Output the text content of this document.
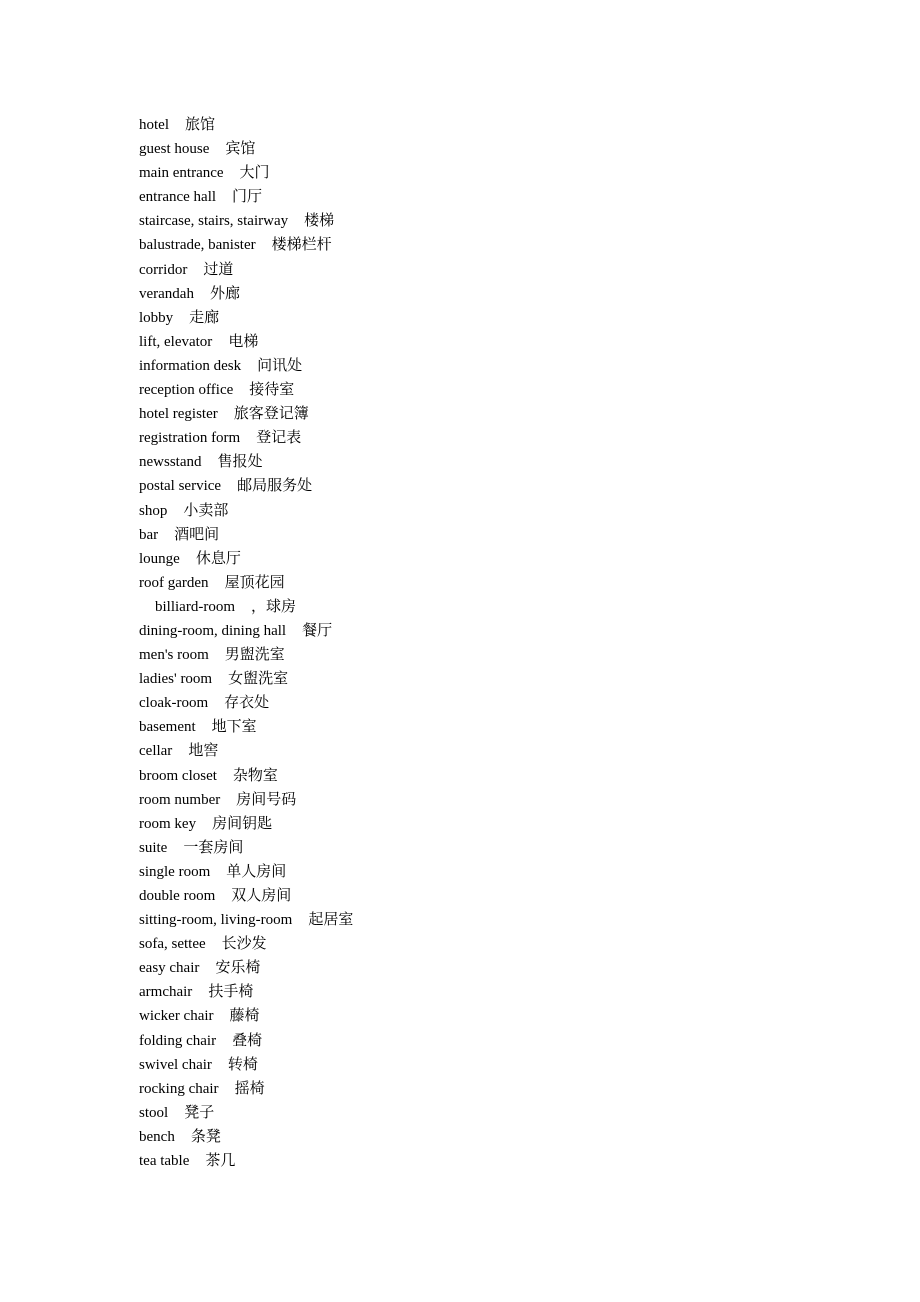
hotel 旅馆
guest house 宾馆
main entrance 大门
entrance hall 门厅
staircase, stairs, stairway 楼梯
balustrade, banister 楼梯栏杆
corridor 过道
verandah 外廊
lobby 走廊
lift, elevator 电梯
information desk 问讯处
reception office 接待室
hotel register 旅客登记簿
registration form 登记表
newsstand 售报处
postal service 邮局服务处
shop 小卖部
bar 酒吧间
lounge 休息厅
roof garden 屋顶花园
billiard-room ，球房
dining-room, dining hall 餐厅
men's room 男盥洗室
ladies' room 女盥洗室
cloak-room 存衣处
basement 地下室
cellar 地窖
broom closet 杂物室
room number 房间号码
room key 房间钥匙
suite 一套房间
single room 单人房间
double room 双人房间
sitting-room, living-room 起居室
sofa, settee 长沙发
easy chair 安乐椅
armchair 扶手椅
wicker chair 藤椅
folding chair 叠椅
swivel chair 转椅
rocking chair 摇椅
stool 凳子
bench 条凳
tea table 茶几
